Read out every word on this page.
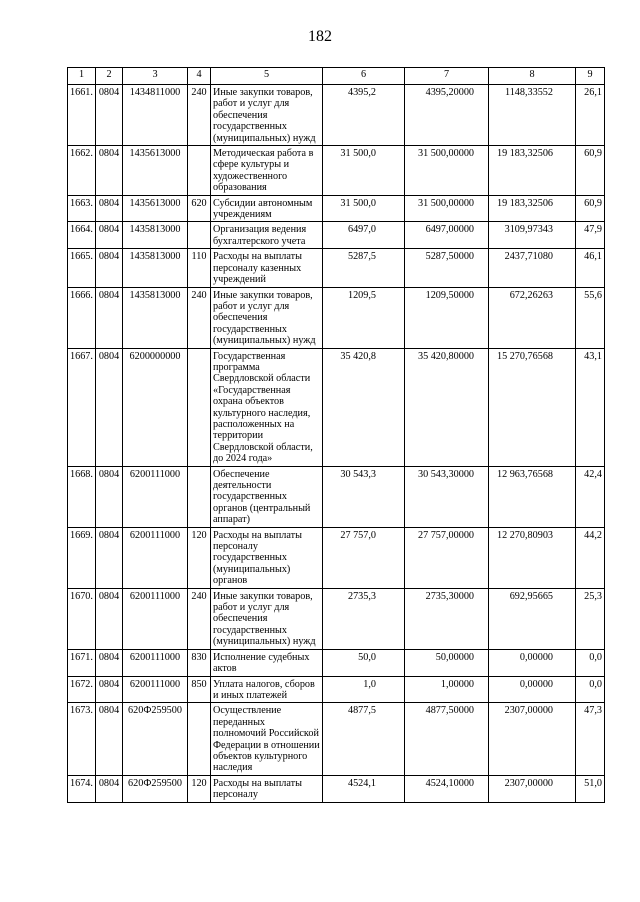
182
1	2	3	4	5	6	7	8	9
1661.	0804	1434811000	240	Иные закупки товаров, работ и услуг для обеспечения государственных (муниципальных) нужд	4395,2	4395,20000	1148,33552	26,1
1662.	0804	1435613000		Методическая работа в сфере культуры и художественного образования	31 500,0	31 500,00000	19 183,32506	60,9
1663.	0804	1435613000	620	Субсидии автономным учреждениям	31 500,0	31 500,00000	19 183,32506	60,9
1664.	0804	1435813000		Организация ведения бухгалтерского учета	6497,0	6497,00000	3109,97343	47,9
1665.	0804	1435813000	110	Расходы на выплаты персоналу казенных учреждений	5287,5	5287,50000	2437,71080	46,1
1666.	0804	1435813000	240	Иные закупки товаров, работ и услуг для обеспечения государственных (муниципальных) нужд	1209,5	1209,50000	672,26263	55,6
1667.	0804	6200000000		Государственная программа Свердловской области «Государственная охрана объектов культурного наследия, расположенных на территории Свердловской области, до 2024 года»	35 420,8	35 420,80000	15 270,76568	43,1
1668.	0804	6200111000		Обеспечение деятельности государственных органов (центральный аппарат)	30 543,3	30 543,30000	12 963,76568	42,4
1669.	0804	6200111000	120	Расходы на выплаты персоналу государственных (муниципальных) органов	27 757,0	27 757,00000	12 270,80903	44,2
1670.	0804	6200111000	240	Иные закупки товаров, работ и услуг для обеспечения государственных (муниципальных) нужд	2735,3	2735,30000	692,95665	25,3
1671.	0804	6200111000	830	Исполнение судебных актов	50,0	50,00000	0,00000	0,0
1672.	0804	6200111000	850	Уплата налогов, сборов и иных платежей	1,0	1,00000	0,00000	0,0
1673.	0804	620Ф259500		Осуществление переданных полномочий Российской Федерации в отношении объектов культурного наследия	4877,5	4877,50000	2307,00000	47,3
1674.	0804	620Ф259500	120	Расходы на выплаты персоналу	4524,1	4524,10000	2307,00000	51,0
